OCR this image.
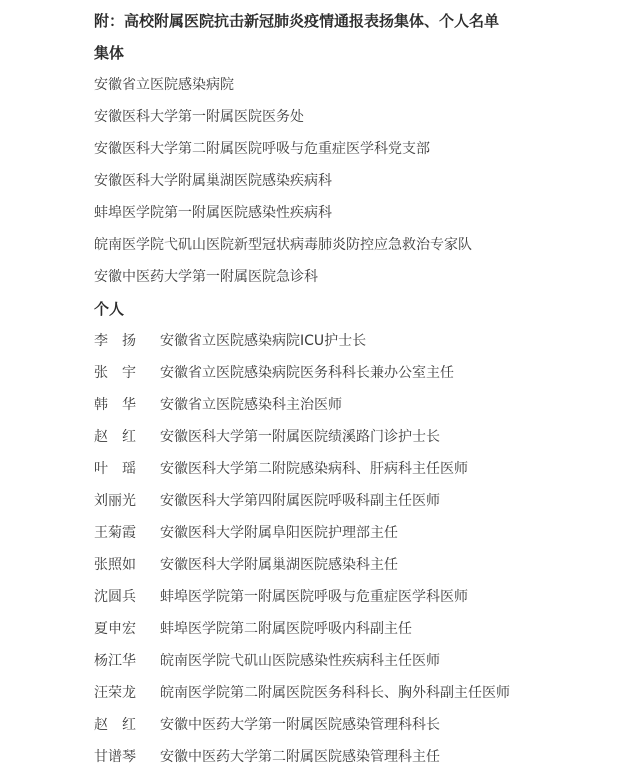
附：高校附属医院抗击新冠肺炎疫情通报表扬集体、个人名单
集体
安徽省立医院感染病院
安徽医科大学第一附属医院医务处
安徽医科大学第二附属医院呼吸与危重症医学科党支部
安徽医科大学附属巢湖医院感染疾病科
蚌埠医学院第一附属医院感染性疾病科
皖南医学院弋矶山医院新型冠状病毒肺炎防控应急救治专家队
安徽中医药大学第一附属医院急诊科
个人
李　扬 安徽省立医院感染病院ICU护士长
张　宇 安徽省立医院感染病院医务科科长兼办公室主任
韩　华 安徽省立医院感染科主治医师
赵　红 安徽医科大学第一附属医院绩溪路门诊护士长
叶　瑶 安徽医科大学第二附院感染病科、肝病科主任医师
刘丽光 安徽医科大学第四附属医院呼吸科副主任医师
王菊霞 安徽医科大学附属阜阳医院护理部主任
张照如 安徽医科大学附属巢湖医院感染科主任
沈圆兵 蚌埠医学院第一附属医院呼吸与危重症医学科医师
夏申宏 蚌埠医学院第二附属医院呼吸内科副主任
杨江华 皖南医学院弋矶山医院感染性疾病科主任医师
汪荣龙 皖南医学院第二附属医院医务科科长、胸外科副主任医师
赵　红 安徽中医药大学第一附属医院感染管理科科长
甘谱琴 安徽中医药大学第二附属医院感染管理科主任
